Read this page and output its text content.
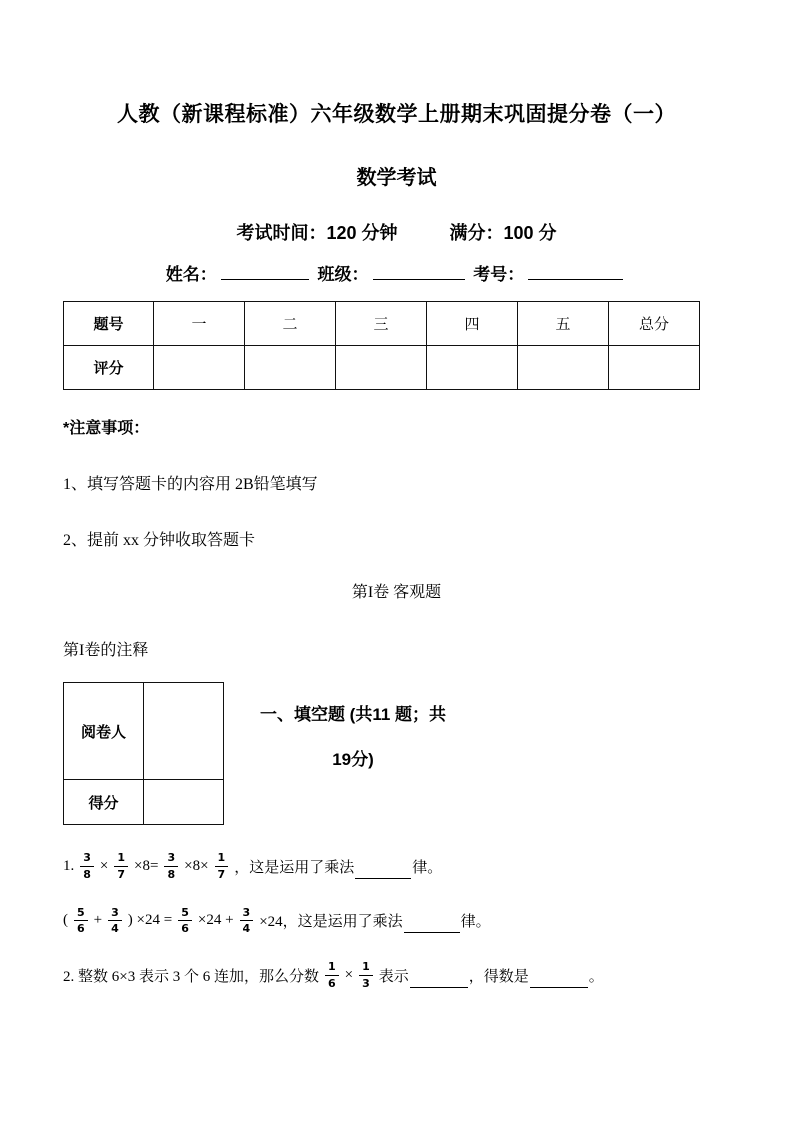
人教（新课程标准）六年级数学上册期末巩固提分卷（一）
数学考试
考试时间：120 分钟	满分：100 分
姓名：	班级：	考号：
题号	一	二	三	四	五	总分
评分						
*注意事项：
1、填写答题卡的内容用 2B铅笔填写
2、提前 xx 分钟收取答题卡
第I卷 客观题
第I卷的注释
阅卷人	
得分	
一、填空题 (共11 题；共
19分)
1. $\frac{3}{8} \times \frac{1}{7} \times 8= \frac{3}{8} \times 8\times \frac{1}{7}$ ，这是运用了乘法	律。
( $\frac{5}{6} + \frac{3}{4}$ ) $\times 24 = \frac{5}{6} \times 24 + \frac{3}{4} \times 24$，这是运用了乘法	律。
2. 整数 6×3 表示 3 个 6 连加，那么分数 $\frac{1}{6} \times \frac{1}{3}$ 表示	，得数是	。
